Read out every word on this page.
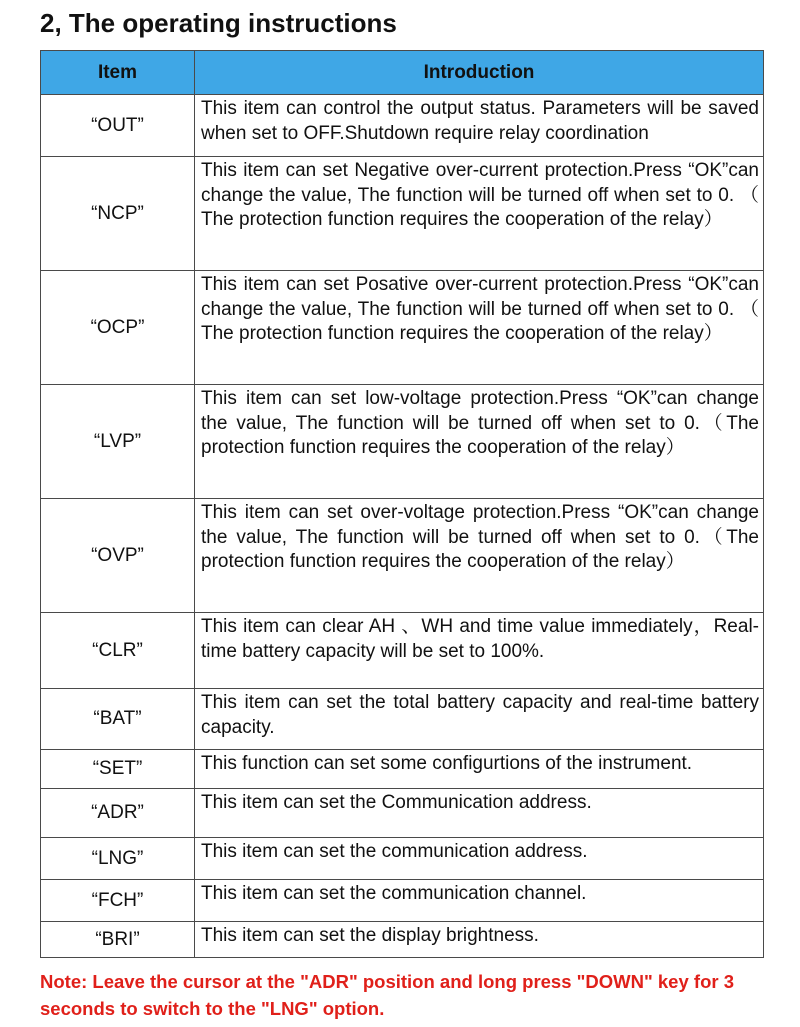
2, The operating instructions
Item	Introduction
“OUT”	This item can control the output status. Parameters will be saved when set to OFF.Shutdown require relay coordination
“NCP”	This item can set Negative over-current protection.Press “OK”can change the value, The function will be turned off when set to 0. （ The protection function requires the cooperation of the relay）
“OCP”	This item can set Posative over-current protection.Press “OK”can change the value, The function will be turned off when set to 0. （ The protection function requires the cooperation of the relay）
“LVP”	This item can set low-voltage protection.Press “OK”can change the value, The function will be turned off when set to 0.（The protection function requires the cooperation of the relay）
“OVP”	This item can set over-voltage protection.Press “OK”can change the value, The function will be turned off when set to 0.（The protection function requires the cooperation of the relay）
“CLR”	This item can clear AH 、WH and time value immediately，Real-time battery capacity will be set to 100%.
“BAT”	This item can set the total battery capacity and real-time battery capacity.
“SET”	This function can set some configurtions of the instrument.
“ADR”	This item can set the Communication address.
“LNG”	This item can set the communication address.
“FCH”	This item can set the communication channel.
“BRI”	This item can set the display brightness.
Note: Leave the cursor at the "ADR" position and long press "DOWN" key for 3 seconds to switch to the "LNG" option.
